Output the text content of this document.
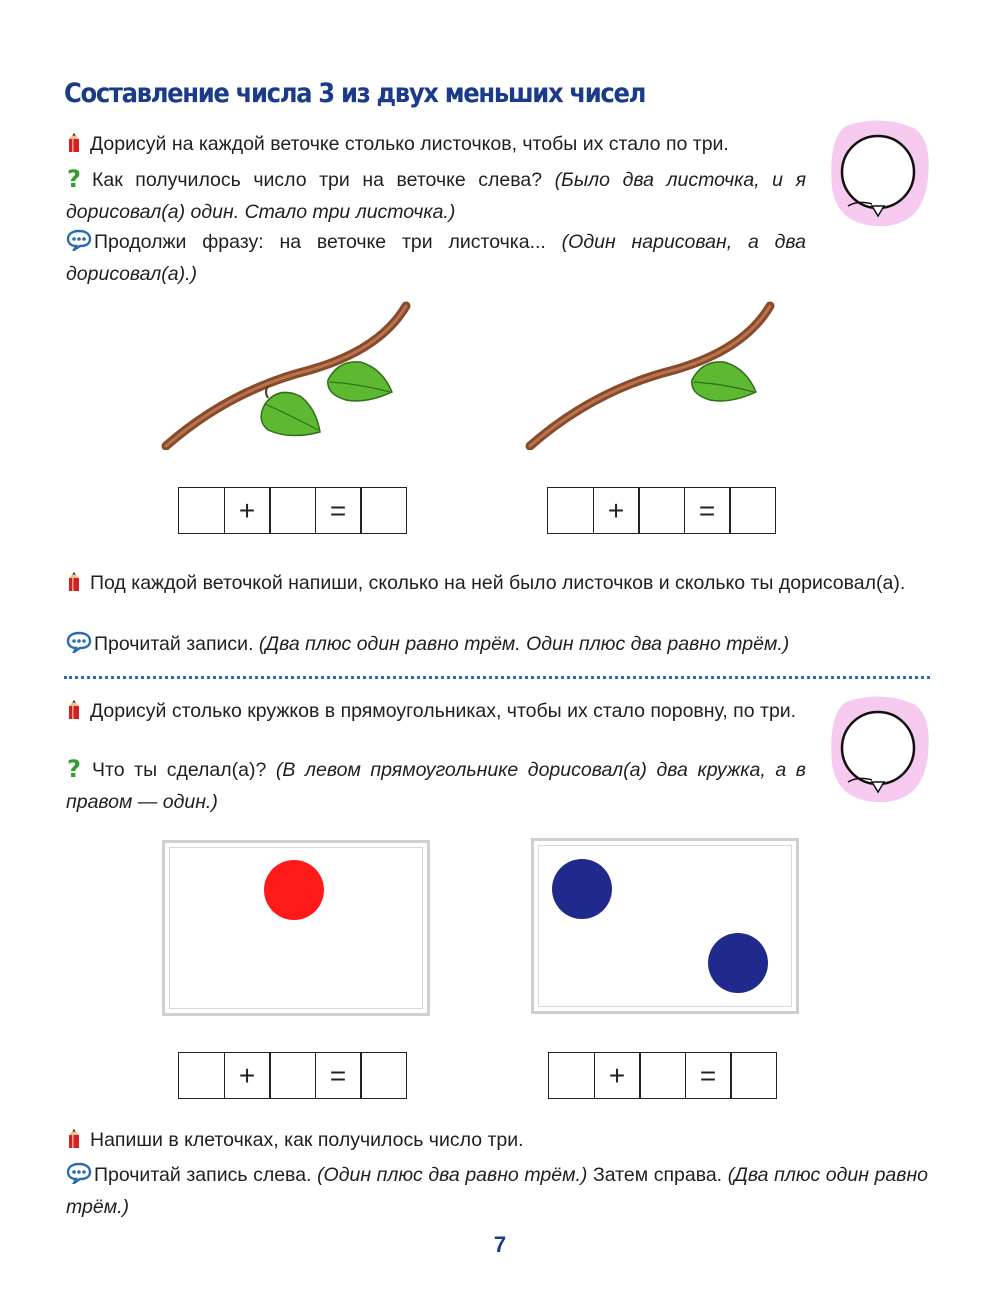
Составление числа 3 из двух меньших чисел

Дорисуй на каждой веточке столько листочков, чтобы их стало по три.

? Как получилось число три на веточке слева? (Было два листочка, и я дорисовал(а) один. Стало три листочка.)

Продолжи фразу: на веточке три листочка... (Один нарисован, а два дорисовал(а).)

+	=	+	=

Под каждой веточкой напиши, сколько на ней было листочков и сколько ты дорисовал(а).

Прочитай записи. (Два плюс один равно трём. Один плюс два равно трём.)

Дорисуй столько кружков в прямоугольниках, чтобы их стало поровну, по три.

? Что ты сделал(а)? (В левом прямоугольнике дорисовал(а) два кружка, а в правом — один.)

+	=	+	=

Напиши в клеточках, как получилось число три.

Прочитай запись слева. (Один плюс два равно трём.) Затем справа. (Два плюс один равно трём.)

7
